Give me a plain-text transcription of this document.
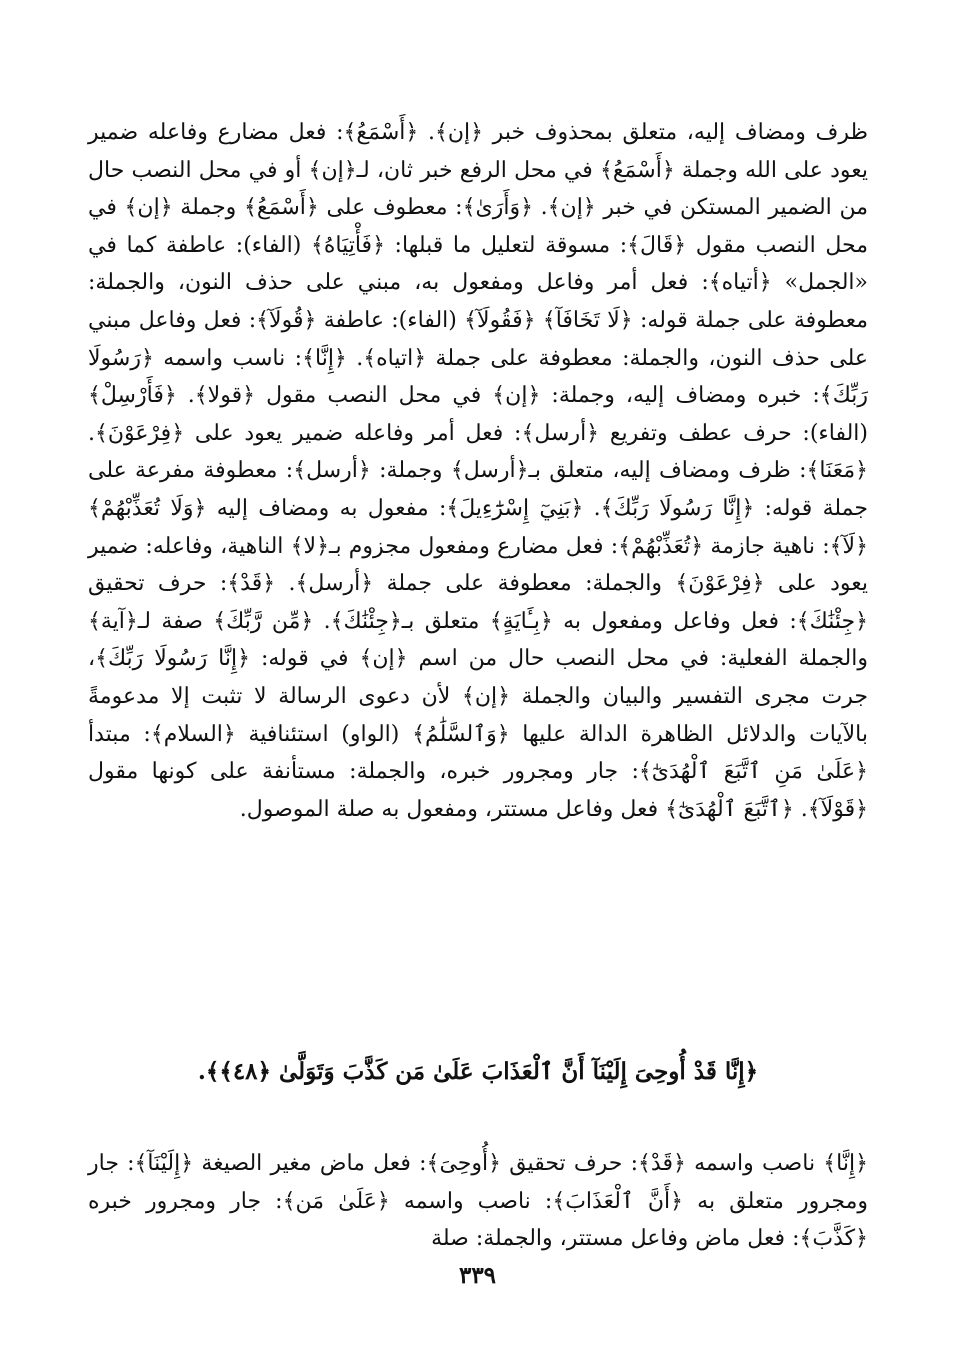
ظرف ومضاف إليه، متعلق بمحذوف خبر ﴿إن﴾. ﴿أَسْمَعُ﴾: فعل مضارع وفاعله ضمير يعود على الله وجملة ﴿أَسْمَعُ﴾ في محل الرفع خبر ثان، لـ﴿إن﴾ أو في محل النصب حال من الضمير المستكن في خبر ﴿إن﴾. ﴿وَأَرَىٰ﴾: معطوف على ﴿أَسْمَعُ﴾ وجملة ﴿إن﴾ في محل النصب مقول ﴿قَالَ﴾: مسوقة لتعليل ما قبلها: ﴿فَأْتِيَاهُ﴾ (الفاء): عاطفة كما في «الجمل» ﴿أتياه﴾: فعل أمر وفاعل ومفعول به، مبني على حذف النون، والجملة: معطوفة على جملة قوله: ﴿لَا تَخَافَآ﴾ ﴿فَقُولَآ﴾ (الفاء): عاطفة ﴿قُولَآ﴾: فعل وفاعل مبني على حذف النون، والجملة: معطوفة على جملة ﴿اتياه﴾. ﴿إِنَّا﴾: ناسب واسمه ﴿رَسُولَا رَبِّكَ﴾: خبره ومضاف إليه، وجملة: ﴿إن﴾ في محل النصب مقول ﴿قولا﴾. ﴿فَأَرْسِلْ﴾ (الفاء): حرف عطف وتفريع ﴿أرسل﴾: فعل أمر وفاعله ضمير يعود على ﴿فِرْعَوْنَ﴾. ﴿مَعَنَا﴾: ظرف ومضاف إليه، متعلق بـ﴿أرسل﴾ وجملة: ﴿أرسل﴾: معطوفة مفرعة على جملة قوله: ﴿إِنَّا رَسُولَا رَبِّكَ﴾. ﴿بَنِيٓ إِسْرَٰٓءِيلَ﴾: مفعول به ومضاف إليه ﴿وَلَا تُعَذِّبْهُمْ﴾ ﴿لَآ﴾: ناهية جازمة ﴿تُعَذِّبْهُمْ﴾: فعل مضارع ومفعول مجزوم بـ﴿لا﴾ الناهية، وفاعله: ضمير يعود على ﴿فِرْعَوْنَ﴾ والجملة: معطوفة على جملة ﴿أرسل﴾. ﴿قَدْ﴾: حرف تحقيق ﴿جِئْنَٰكَ﴾: فعل وفاعل ومفعول به ﴿بِـَٔايَةٍ﴾ متعلق بـ﴿جِئْنَٰكَ﴾. ﴿مِّن رَّبِّكَ﴾ صفة لـ﴿آية﴾ والجملة الفعلية: في محل النصب حال من اسم ﴿إن﴾ في قوله: ﴿إِنَّا رَسُولَا رَبِّكَ﴾، جرت مجرى التفسير والبيان والجملة ﴿إن﴾ لأن دعوى الرسالة لا تثبت إلا مدعومةً بالآيات والدلائل الظاهرة الدالة عليها ﴿وَٱلسَّلَٰمُ﴾ (الواو) استئنافية ﴿السلام﴾: مبتدأ ﴿عَلَىٰ مَنِ ٱتَّبَعَ ٱلْهُدَىٰٓ﴾: جار ومجرور خبره، والجملة: مستأنفة على كونها مقول ﴿قَوْلَآ﴾. ﴿ٱتَّبَعَ ٱلْهُدَىٰٓ﴾ فعل وفاعل مستتر، ومفعول به صلة الموصول.

﴿إِنَّا قَدْ أُوحِىَ إِلَيْنَآ أَنَّ ٱلْعَذَابَ عَلَىٰ مَن كَذَّبَ وَتَوَلَّىٰ ﴿٤٨﴾﴾.

﴿إِنَّا﴾ ناصب واسمه ﴿قَدْ﴾: حرف تحقيق ﴿أُوحِىَ﴾: فعل ماض مغير الصيغة ﴿إِلَيْنَآ﴾: جار ومجرور متعلق به ﴿أَنَّ ٱلْعَذَابَ﴾: ناصب واسمه ﴿عَلَىٰ مَن﴾: جار ومجرور خبره ﴿كَذَّبَ﴾: فعل ماض وفاعل مستتر، والجملة: صلة

٣٣٩
